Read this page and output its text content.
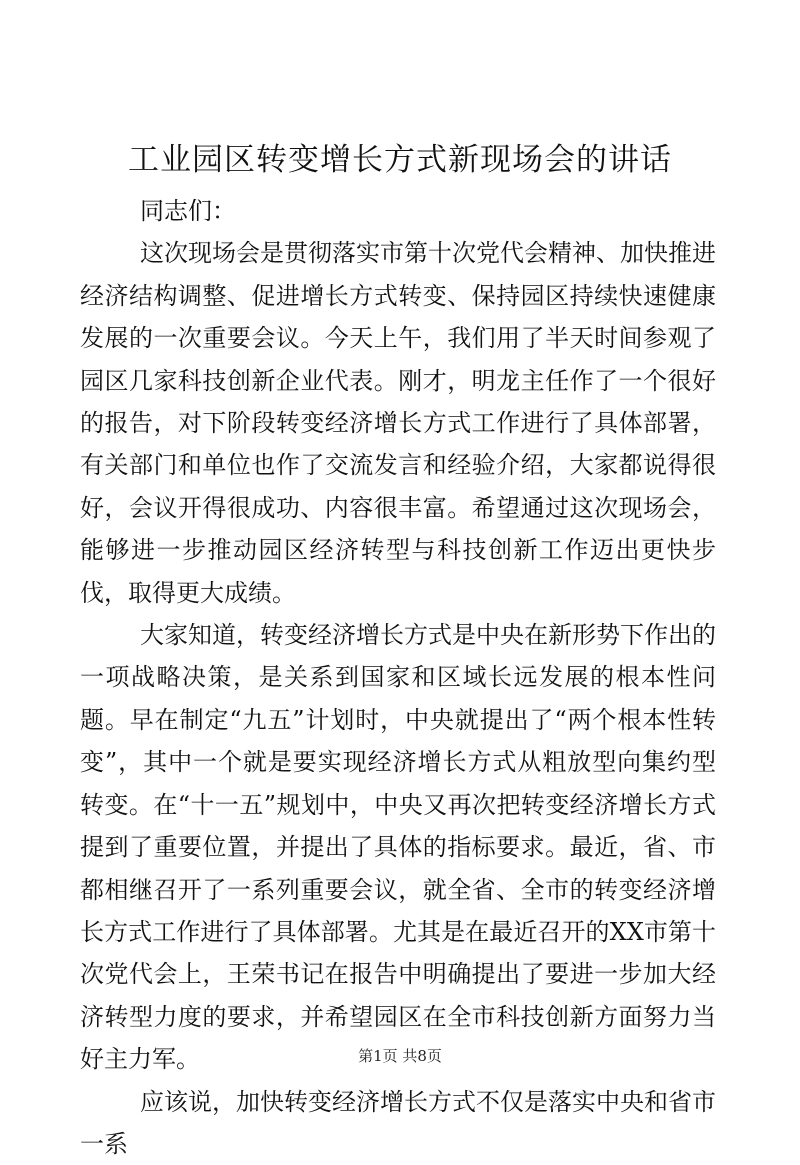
工业园区转变增长方式新现场会的讲话

同志们：

这次现场会是贯彻落实市第十次党代会精神、加快推进经济结构调整、促进增长方式转变、保持园区持续快速健康发展的一次重要会议。今天上午，我们用了半天时间参观了园区几家科技创新企业代表。刚才，明龙主任作了一个很好的报告，对下阶段转变经济增长方式工作进行了具体部署，有关部门和单位也作了交流发言和经验介绍，大家都说得很好，会议开得很成功、内容很丰富。希望通过这次现场会，能够进一步推动园区经济转型与科技创新工作迈出更快步伐，取得更大成绩。

大家知道，转变经济增长方式是中央在新形势下作出的一项战略决策，是关系到国家和区域长远发展的根本性问题。早在制定“九五”计划时，中央就提出了“两个根本性转变”，其中一个就是要实现经济增长方式从粗放型向集约型转变。在“十一五”规划中，中央又再次把转变经济增长方式提到了重要位置，并提出了具体的指标要求。最近，省、市都相继召开了一系列重要会议，就全省、全市的转变经济增长方式工作进行了具体部署。尤其是在最近召开的XX市第十次党代会上，王荣书记在报告中明确提出了要进一步加大经济转型力度的要求，并希望园区在全市科技创新方面努力当好主力军。

应该说，加快转变经济增长方式不仅是落实中央和省市一系

第1页 共8页
